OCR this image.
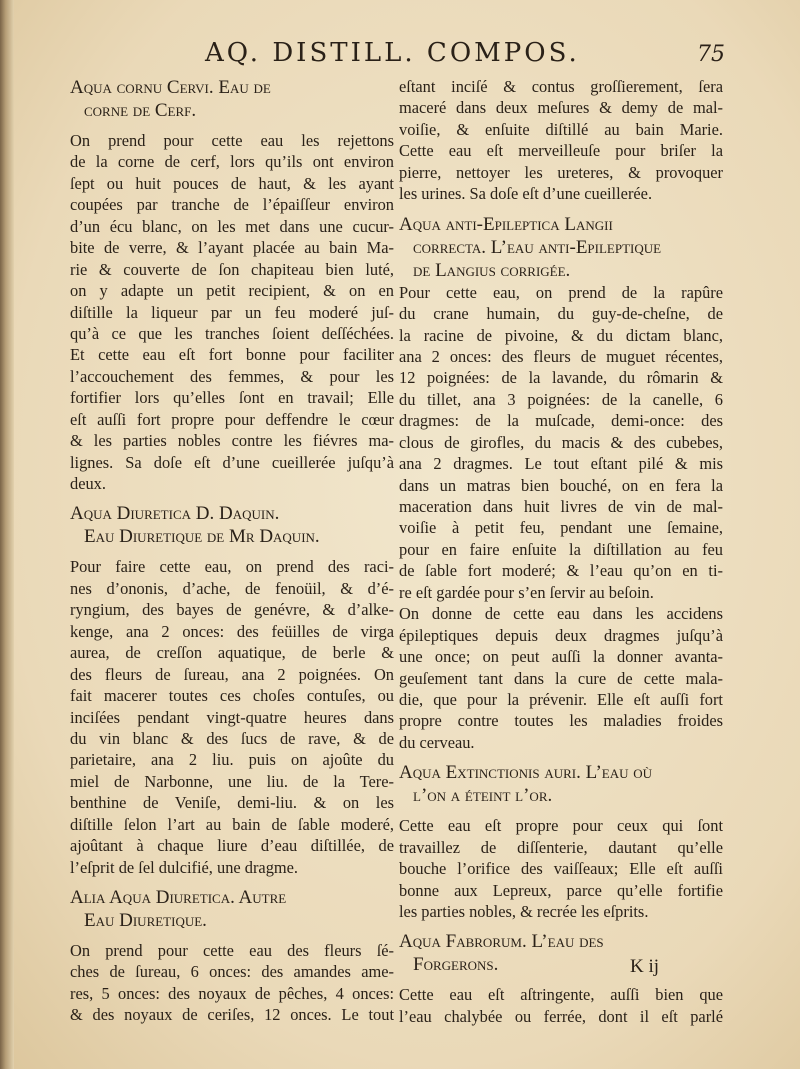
AQ. DISTILL. COMPOS.	75
Aqua cornu Cervi. Eau de
corne de Cerf.
On prend pour cette eau les rejettons
de la corne de cerf, lors qu’ils ont environ
ſept ou huit pouces de haut, & les ayant
coupées par tranche de l’épaiſſeur environ
d’un écu blanc, on les met dans une cucur-
bite de verre, & l’ayant placée au bain Ma-
rie & couverte de ſon chapiteau bien luté,
on y adapte un petit recipient, & on en
diſtille la liqueur par un feu moderé juſ-
qu’à ce que les tranches ſoient deſſéchées.
Et cette eau eſt fort bonne pour faciliter
l’accouchement des femmes, & pour les
fortifier lors qu’elles ſont en travail; Elle
eſt auſſi fort propre pour deffendre le cœur
& les parties nobles contre les fiévres ma-
lignes. Sa doſe eſt d’une cueillerée juſqu’à
deux.
Aqua Diuretica D. Daquin.
Eau Diuretique de Mr Daquin.
Pour faire cette eau, on prend des raci-
nes d’ononis, d’ache, de fenoüil, & d’é-
ryngium, des bayes de genévre, & d’alke-
kenge, ana 2 onces: des feüilles de virga
aurea, de creſſon aquatique, de berle &
des fleurs de ſureau, ana 2 poignées. On
fait macerer toutes ces choſes contuſes, ou
inciſées pendant vingt-quatre heures dans
du vin blanc & des ſucs de rave, & de
parietaire, ana 2 liu. puis on ajoûte du
miel de Narbonne, une liu. de la Tere-
benthine de Veniſe, demi-liu. & on les
diſtille ſelon l’art au bain de ſable moderé,
ajoûtant à chaque liure d’eau diſtillée, de
l’eſprit de ſel dulcifié, une dragme.
Alia Aqua Diuretica. Autre
Eau Diuretique.
On prend pour cette eau des fleurs ſé-
ches de ſureau, 6 onces: des amandes ame-
res, 5 onces: des noyaux de pêches, 4 onces:
& des noyaux de ceriſes, 12 onces. Le tout
eſtant inciſé & contus groſſierement, ſera
maceré dans deux meſures & demy de mal-
voiſie, & enſuite diſtillé au bain Marie.
Cette eau eſt merveilleuſe pour briſer la
pierre, nettoyer les ureteres, & provoquer
les urines. Sa doſe eſt d’une cueillerée.
Aqua anti-Epileptica Langii
correcta. L’eau anti-Epileptique
de Langius corrigée.
Pour cette eau, on prend de la rapûre
du crane humain, du guy-de-cheſne, de
la racine de pivoine, & du dictam blanc,
ana 2 onces: des fleurs de muguet récentes,
12 poignées: de la lavande, du rômarin &
du tillet, ana 3 poignées: de la canelle, 6
dragmes: de la muſcade, demi-once: des
clous de girofles, du macis & des cubebes,
ana 2 dragmes. Le tout eſtant pilé & mis
dans un matras bien bouché, on en fera la
maceration dans huit livres de vin de mal-
voiſie à petit feu, pendant une ſemaine,
pour en faire enſuite la diſtillation au feu
de ſable fort moderé; & l’eau qu’on en ti-
re eſt gardée pour s’en ſervir au beſoin.
On donne de cette eau dans les accidens
épileptiques depuis deux dragmes juſqu’à
une once; on peut auſſi la donner avanta-
geuſement tant dans la cure de cette mala-
die, que pour la prévenir. Elle eſt auſſi fort
propre contre toutes les maladies froides
du cerveau.
Aqua Extinctionis auri. L’eau où
l’on a éteint l’or.
Cette eau eſt propre pour ceux qui ſont
travaillez de diſſenterie, dautant qu’elle
bouche l’orifice des vaiſſeaux; Elle eſt auſſi
bonne aux Lepreux, parce qu’elle fortifie
les parties nobles, & recrée les eſprits.
Aqua Fabrorum. L’eau des
Forgerons.
Cette eau eſt aſtringente, auſſi bien que
l’eau chalybée ou ferrée, dont il eſt parlé
K ij
